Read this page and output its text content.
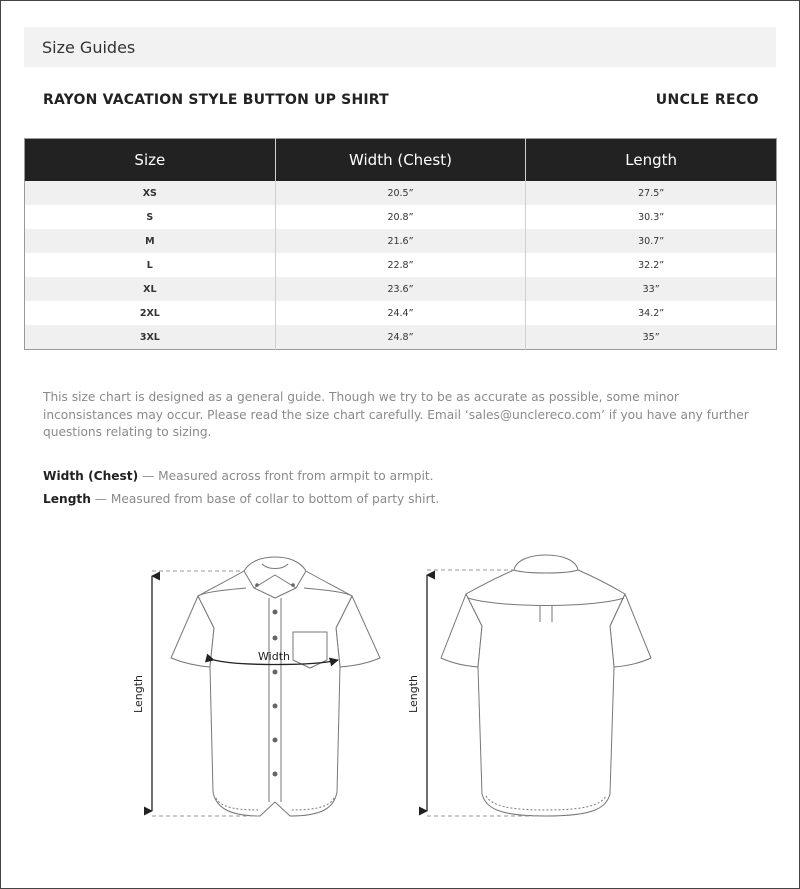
Size Guides
RAYON VACATION STYLE BUTTON UP SHIRT	UNCLE RECO
Size	Width (Chest)	Length
XS	20.5”	27.5”
S	20.8”	30.3”
M	21.6”	30.7”
L	22.8”	32.2”
XL	23.6”	33”
2XL	24.4”	34.2”
3XL	24.8”	35”
This size chart is designed as a general guide. Though we try to be as accurate as possible, some minor inconsistances may occur. Please read the size chart carefully. Email ‘sales@unclereco.com’ if you have any further questions relating to sizing.
Width (Chest) — Measured across front from armpit to armpit.
Length — Measured from base of collar to bottom of party shirt.
Length
Width
Length
